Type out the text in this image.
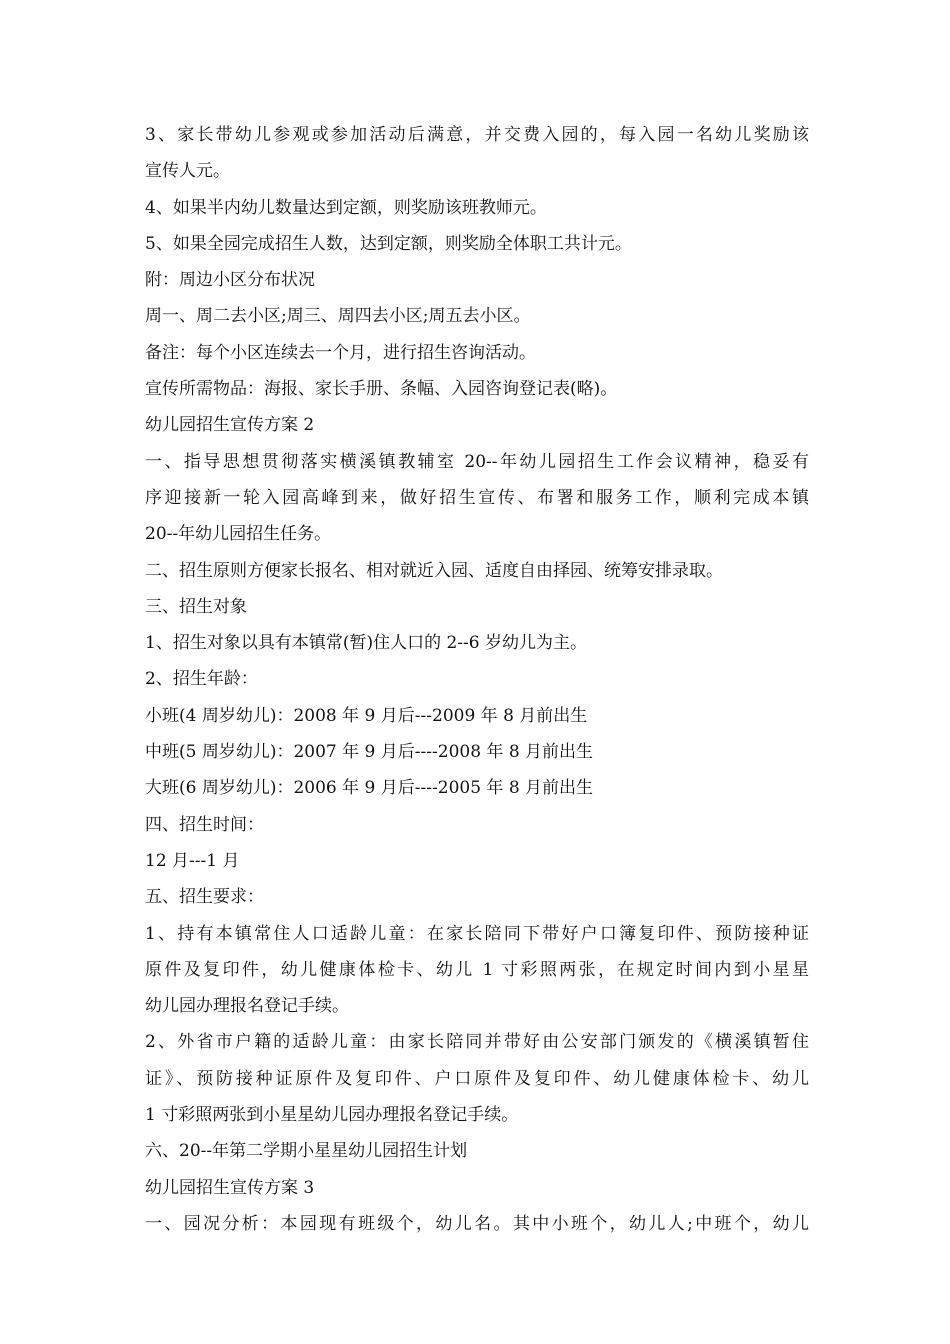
3、家长带幼儿参观或参加活动后满意，并交费入园的，每入园一名幼儿奖励该
宣传人元。
4、如果半内幼儿数量达到定额，则奖励该班教师元。
5、如果全园完成招生人数，达到定额，则奖励全体职工共计元。
附：周边小区分布状况
周一、周二去小区;周三、周四去小区;周五去小区。
备注：每个小区连续去一个月，进行招生咨询活动。
宣传所需物品：海报、家长手册、条幅、入园咨询登记表(略)。
幼儿园招生宣传方案 2
一、指导思想贯彻落实横溪镇教辅室 20--年幼儿园招生工作会议精神，稳妥有
序迎接新一轮入园高峰到来，做好招生宣传、布署和服务工作，顺利完成本镇
20--年幼儿园招生任务。
二、招生原则方便家长报名、相对就近入园、适度自由择园、统筹安排录取。
三、招生对象
1、招生对象以具有本镇常(暂)住人口的 2--6 岁幼儿为主。
2、招生年龄：
小班(4 周岁幼儿)：2008 年 9 月后---2009 年 8 月前出生
中班(5 周岁幼儿)：2007 年 9 月后----2008 年 8 月前出生
大班(6 周岁幼儿)：2006 年 9 月后----2005 年 8 月前出生
四、招生时间：
12 月---1 月
五、招生要求：
1、持有本镇常住人口适龄儿童：在家长陪同下带好户口簿复印件、预防接种证
原件及复印件，幼儿健康体检卡、幼儿 1 寸彩照两张，在规定时间内到小星星
幼儿园办理报名登记手续。
2、外省市户籍的适龄儿童：由家长陪同并带好由公安部门颁发的《横溪镇暂住
证》、预防接种证原件及复印件、户口原件及复印件、幼儿健康体检卡、幼儿
1 寸彩照两张到小星星幼儿园办理报名登记手续。
六、20--年第二学期小星星幼儿园招生计划
幼儿园招生宣传方案 3
一、园况分析：本园现有班级个，幼儿名。其中小班个，幼儿人;中班个，幼儿
